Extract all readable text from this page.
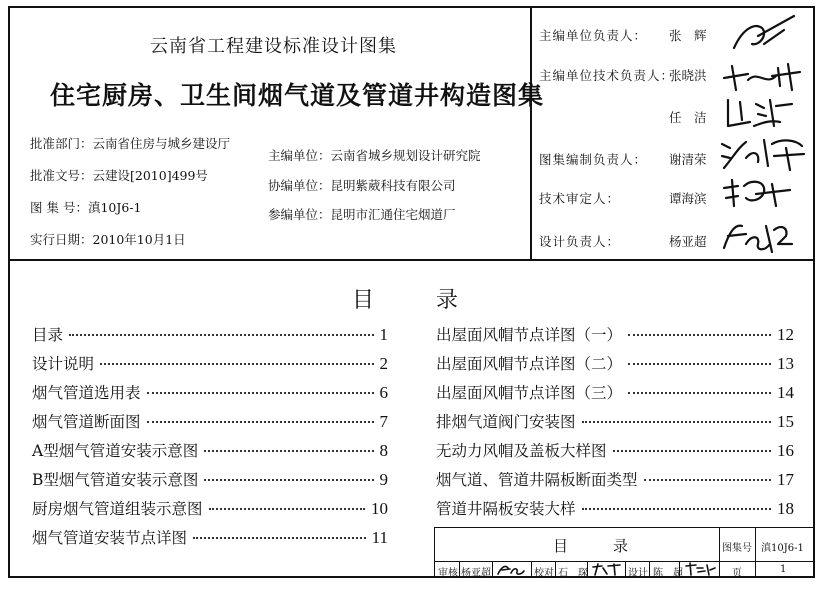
云南省工程建设标准设计图集
住宅厨房、卫生间烟气道及管道井构造图集
批准部门：云南省住房与城乡建设厅
批准文号：云建设[2010]499号
图 集 号：滇10J6-1
实行日期：2010年10月1日
主编单位：云南省城乡规划设计研究院
协编单位：昆明紫葳科技有限公司
参编单位：昆明市汇通住宅烟道厂
主编单位负责人： 张　辉
主编单位技术负责人：
张晓洪
任　洁
图集编制负责人： 谢清荣
技术审定人：	谭海滨
设计负责人：	杨亚超
目录
目录	1
设计说明	2
烟气管道选用表	6
烟气管道断面图	7
A型烟气管道安装示意图	8
B型烟气管道安装示意图	9
厨房烟气管道组装示意图	10
烟气管道安装节点详图	11
出屋面风帽节点详图（一）	12
出屋面风帽节点详图（二）	13
出屋面风帽节点详图（三）	14
排烟气道阀门安装图	15
无动力风帽及盖板大样图	16
烟气道、管道井隔板断面类型	17
管道井隔板安装大样	18
目　　　录	图集号 滇10J6-1
审核 杨亚超	校对 石　琛	设计 陈　超	页	1
